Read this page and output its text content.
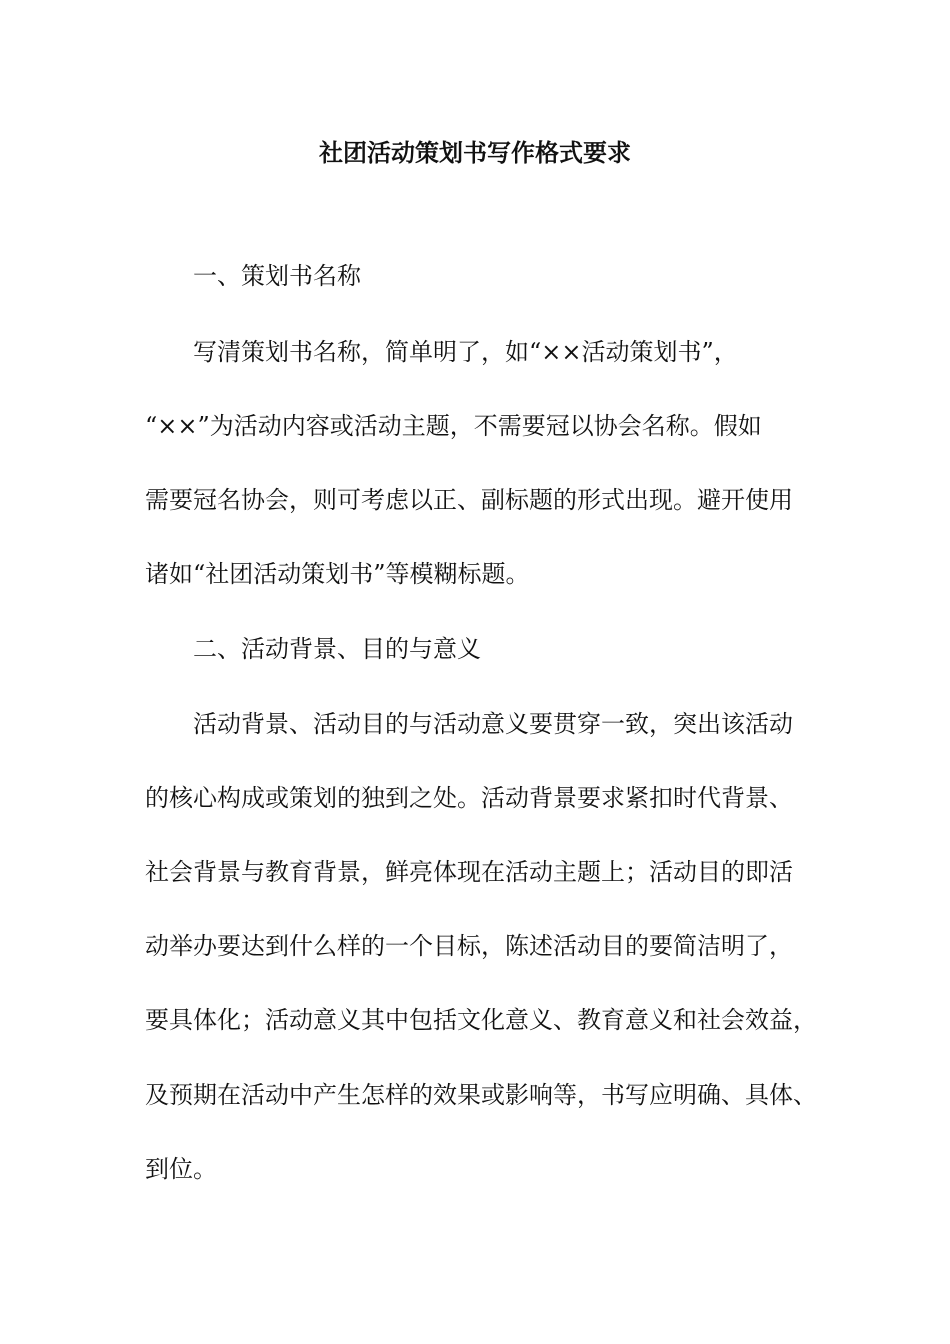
社团活动策划书写作格式要求
一、策划书名称
写清策划书名称，简单明了，如“××活动策划书”，
“××”为活动内容或活动主题，不需要冠以协会名称。假如
需要冠名协会，则可考虑以正、副标题的形式出现。避开使用
诸如“社团活动策划书”等模糊标题。
二、活动背景、目的与意义
活动背景、活动目的与活动意义要贯穿一致，突出该活动
的核心构成或策划的独到之处。活动背景要求紧扣时代背景、
社会背景与教育背景，鲜亮体现在活动主题上；活动目的即活
动举办要达到什么样的一个目标，陈述活动目的要简洁明了，
要具体化；活动意义其中包括文化意义、教育意义和社会效益，
及预期在活动中产生怎样的效果或影响等，书写应明确、具体、
到位。
